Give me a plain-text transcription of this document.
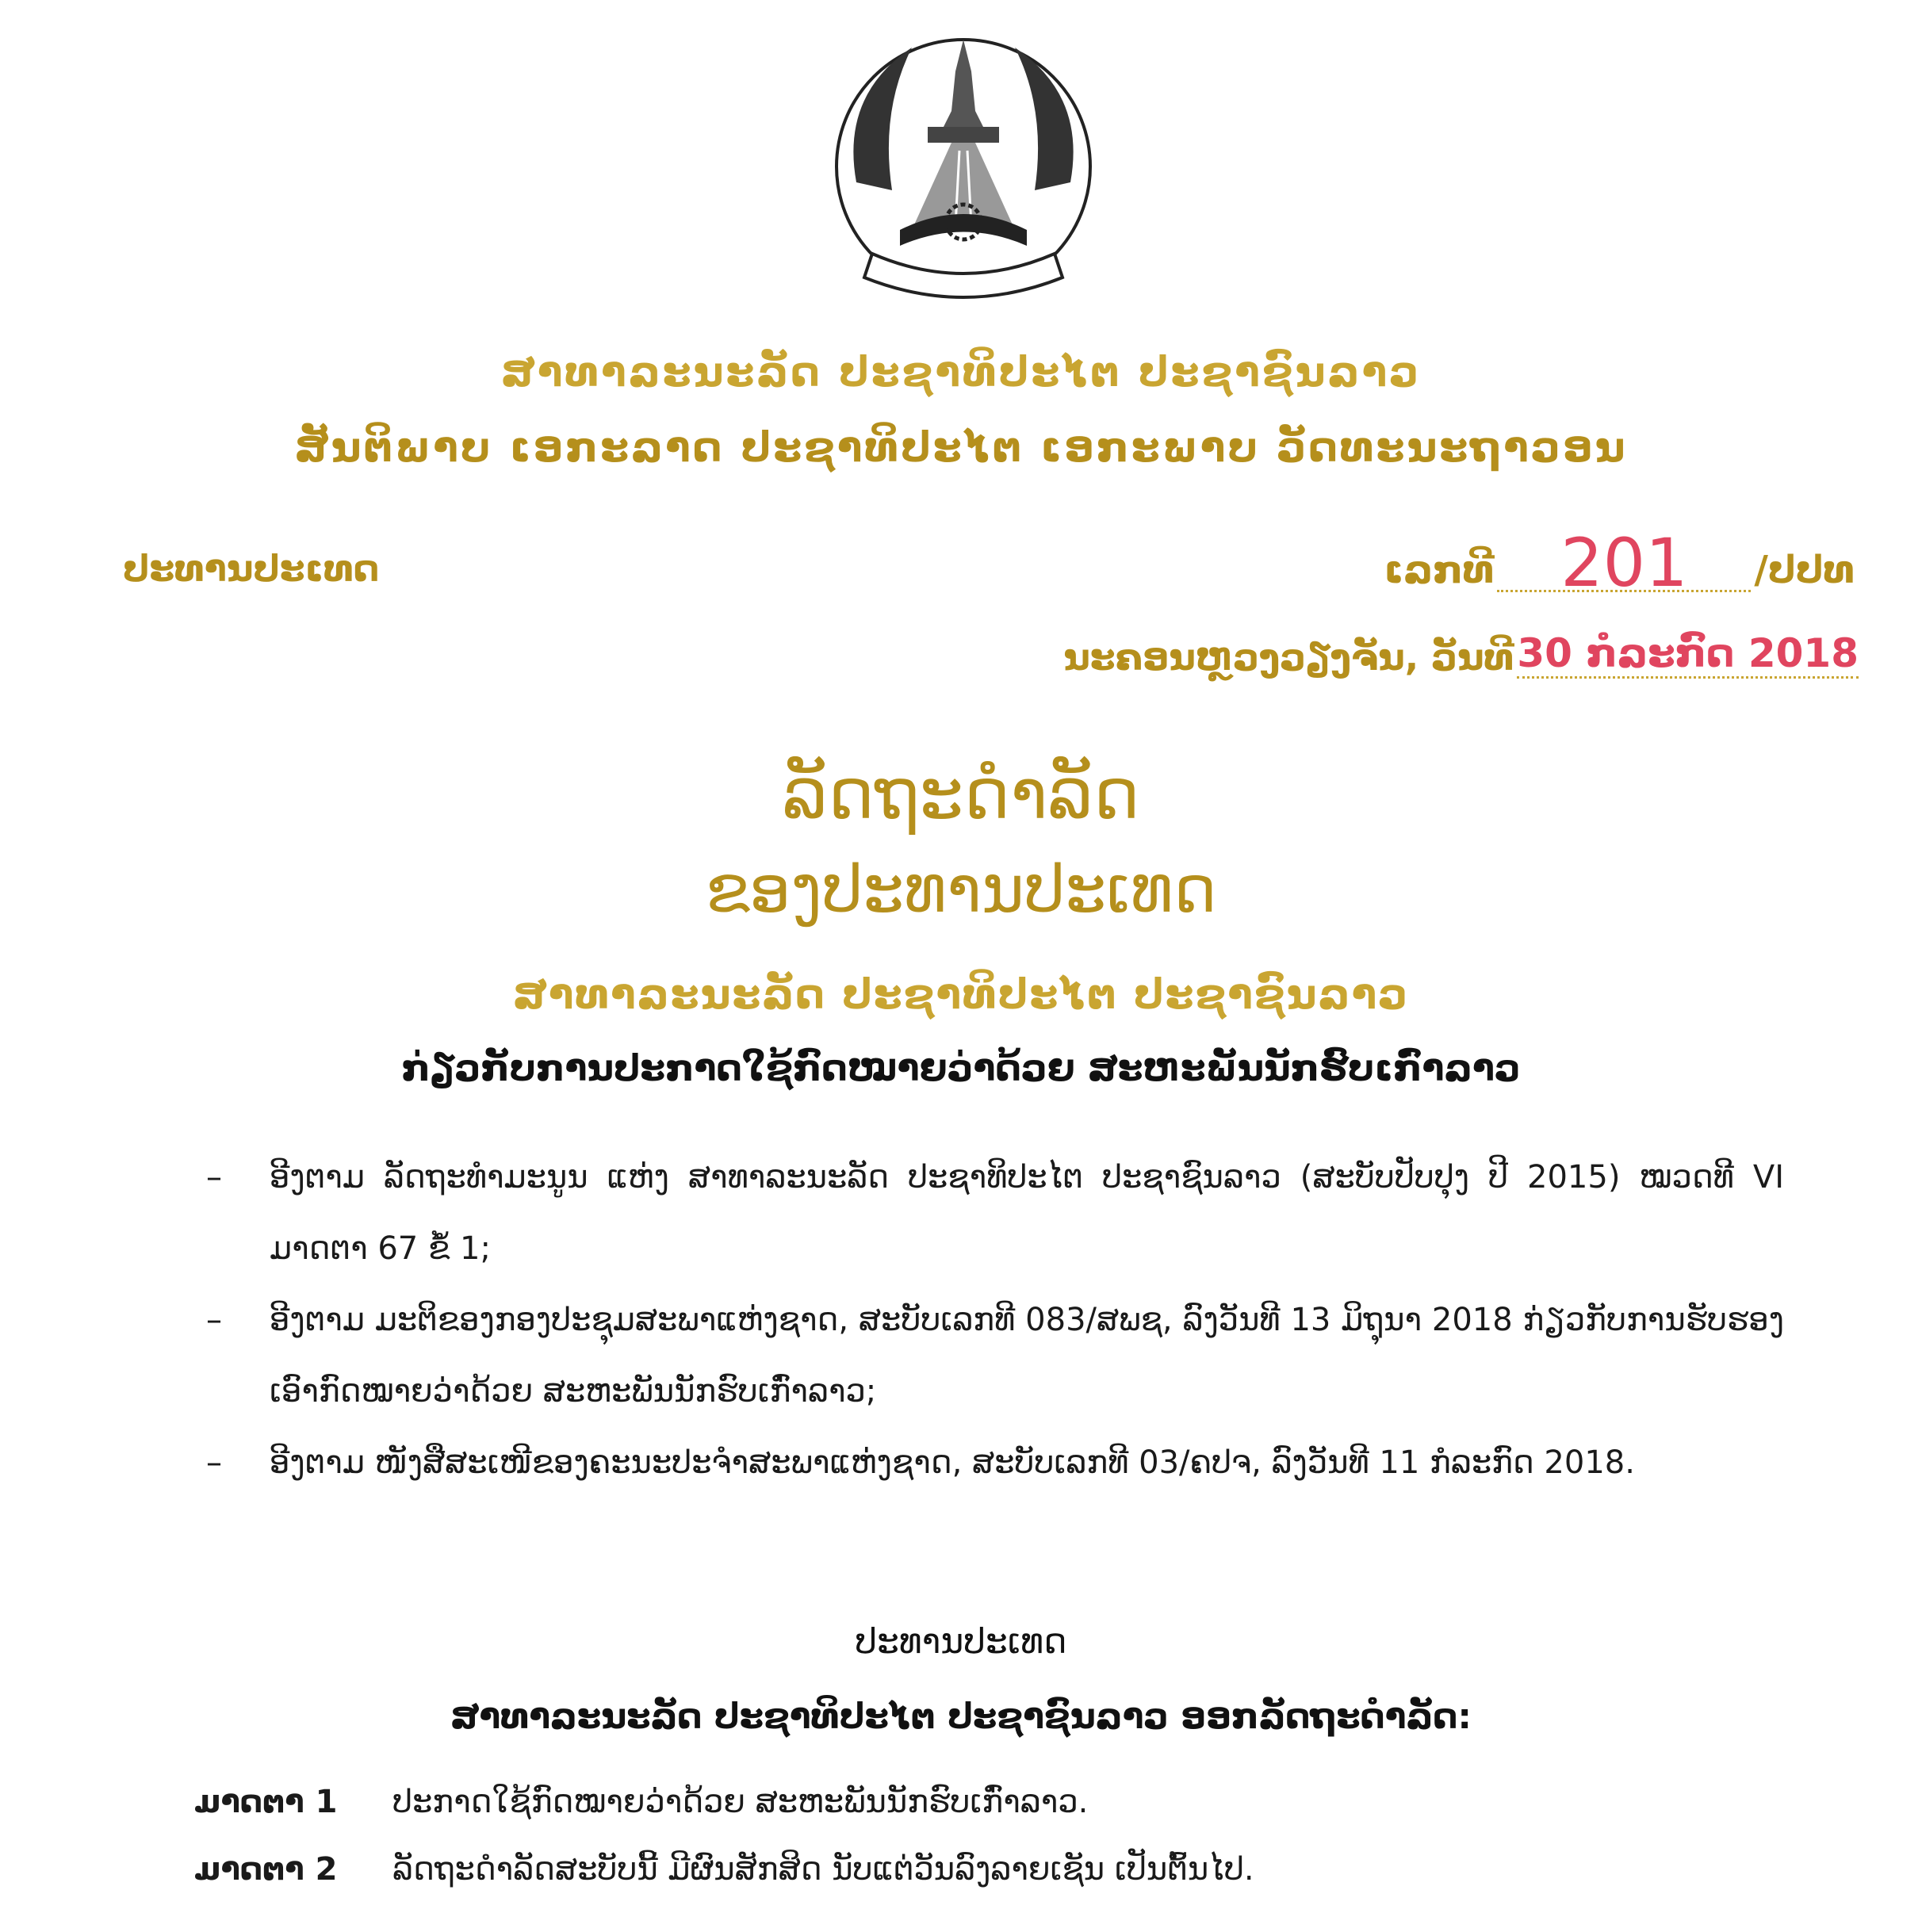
ສາທາລະນະລັດ ປະຊາທິປະໄຕ ປະຊາຊົນລາວ
ສັນຕິພາບ ເອກະລາດ ປະຊາທິປະໄຕ ເອກະພາບ ວັດທະນະຖາວອນ
ປະທານປະເທດ	ເລກທີ 201	/ປປທ
ນະຄອນຫຼວງວຽງຈັນ, ວັນທີ 30 ກໍລະກົດ 2018
ລັດຖະດຳລັດ
ຂອງປະທານປະເທດ
ສາທາລະນະລັດ ປະຊາທິປະໄຕ ປະຊາຊົນລາວ
ກ່ຽວກັບການປະກາດໃຊ້ກົດໝາຍວ່າດ້ວຍ ສະຫະພັນນັກຮົບເກົ່າລາວ
– ອີງຕາມ ລັດຖະທຳມະນູນ ແຫ່ງ ສາທາລະນະລັດ ປະຊາທິປະໄຕ ປະຊາຊົນລາວ (ສະບັບປັບປຸງ ປີ 2015) ໝວດທີ VI ມາດຕາ 67 ຂໍ້ 1;
– ອີງຕາມ ມະຕິຂອງກອງປະຊຸມສະພາແຫ່ງຊາດ, ສະບັບເລກທີ 083/ສພຊ, ລົງວັນທີ 13 ມິຖຸນາ 2018 ກ່ຽວກັບການຮັບຮອງເອົາກົດໝາຍວ່າດ້ວຍ ສະຫະພັນນັກຮົບເກົ່າລາວ;
– ອີງຕາມ ໜັງສືສະເໜີຂອງຄະນະປະຈຳສະພາແຫ່ງຊາດ, ສະບັບເລກທີ 03/ຄປຈ, ລົງວັນທີ 11 ກໍລະກົດ 2018.
ປະທານປະເທດ
ສາທາລະນະລັດ ປະຊາທິປະໄຕ ປະຊາຊົນລາວ ອອກລັດຖະດຳລັດ:
ມາດຕາ 1	ປະກາດໃຊ້ກົດໝາຍວ່າດ້ວຍ ສະຫະພັນນັກຮົບເກົ່າລາວ.
ມາດຕາ 2	ລັດຖະດຳລັດສະບັບນີ້ ມີຜົນສັກສິດ ນັບແຕ່ວັນລົງລາຍເຊັນ ເປັນຕົ້ນໄປ.
